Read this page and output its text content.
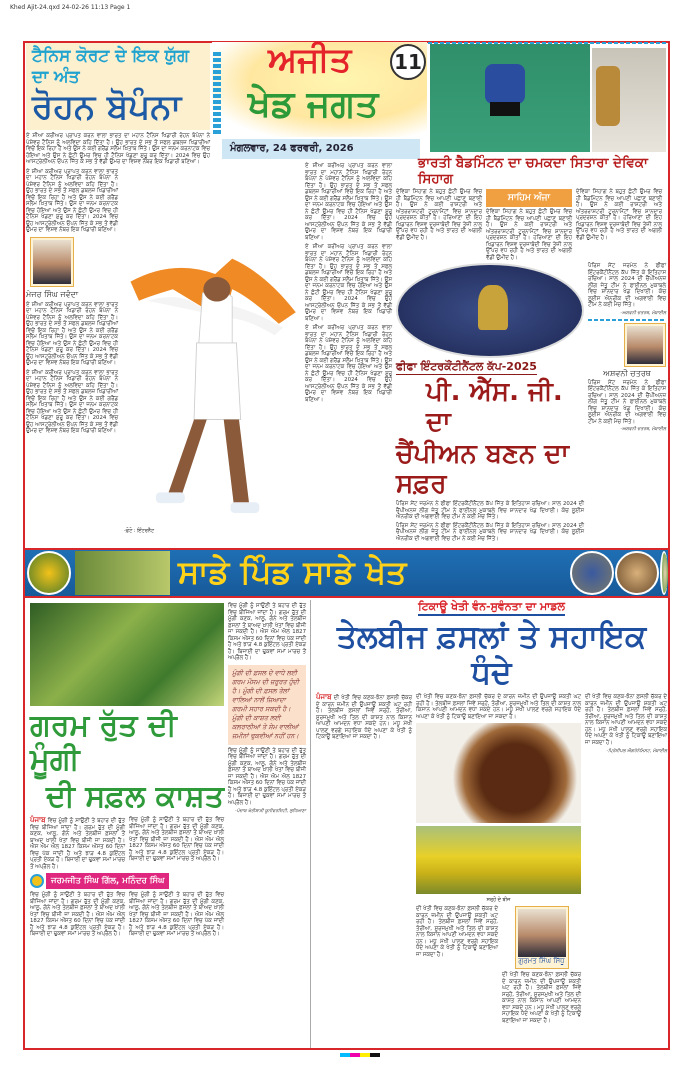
Khed Ajit-24.qxd 24-02-26 11:13 Page 1
ਅਜੀਤ
ਖੇਡ ਜਗਤ
11
ਮੰਗਲਵਾਰ, 24 ਫਰਵਰੀ, 2026
ਟੈਨਿਸ ਕੋਰਟ ਦੇ ਇਕ ਯੁੱਗ ਦਾ ਅੰਤ
ਰੋਹਨ ਬੋਪੰਨਾ
ਏ ਸ਼ੀਆ ਕਰੀਅਰ ਪ੍ਰਾਪਤ ਕਰਨ ਵਾਲਾ ਭਾਰਤ ਦਾ ਮਹਾਨ ਟੈਨਿਸ ਖਿਡਾਰੀ ਰੋਹਨ ਬੋਪੰਨਾ ਨੇ ਪੇਸ਼ੇਵਰ ਟੈਨਿਸ ਨੂੰ ਅਲਵਿਦਾ ਕਹਿ ਦਿੱਤਾ ਹੈ। ਉਹ ਭਾਰਤ ਦੇ ਸਭ ਤੋਂ ਸਫਲ ਡਬਲਜ਼ ਖਿਡਾਰੀਆਂ ਵਿਚੋਂ ਇਕ ਰਿਹਾ ਹੈ ਅਤੇ ਉਸ ਨੇ ਕਈ ਗਰੈਂਡ ਸਲੈਮ ਖ਼ਿਤਾਬ ਜਿੱਤੇ। ਉਸ ਦਾ ਜਨਮ ਕਰਨਾਟਕ ਵਿਚ ਹੋਇਆ ਅਤੇ ਉਸ ਨੇ ਛੋਟੀ ਉਮਰ ਵਿਚ ਹੀ ਟੈਨਿਸ ਖੇਡਣਾ ਸ਼ੁਰੂ ਕਰ ਦਿੱਤਾ। 2024 ਵਿਚ ਉਹ ਆਸਟ੍ਰੇਲੀਅਨ ਓਪਨ ਜਿੱਤ ਕੇ ਸਭ ਤੋਂ ਵੱਡੀ ਉਮਰ ਦਾ ਵਿਸ਼ਵ ਨੰਬਰ ਇਕ ਖਿਡਾਰੀ ਬਣਿਆ।
ਏ ਸ਼ੀਆ ਕਰੀਅਰ ਪ੍ਰਾਪਤ ਕਰਨ ਵਾਲਾ ਭਾਰਤ ਦਾ ਮਹਾਨ ਟੈਨਿਸ ਖਿਡਾਰੀ ਰੋਹਨ ਬੋਪੰਨਾ ਨੇ ਪੇਸ਼ੇਵਰ ਟੈਨਿਸ ਨੂੰ ਅਲਵਿਦਾ ਕਹਿ ਦਿੱਤਾ ਹੈ। ਉਹ ਭਾਰਤ ਦੇ ਸਭ ਤੋਂ ਸਫਲ ਡਬਲਜ਼ ਖਿਡਾਰੀਆਂ ਵਿਚੋਂ ਇਕ ਰਿਹਾ ਹੈ ਅਤੇ ਉਸ ਨੇ ਕਈ ਗਰੈਂਡ ਸਲੈਮ ਖ਼ਿਤਾਬ ਜਿੱਤੇ। ਉਸ ਦਾ ਜਨਮ ਕਰਨਾਟਕ ਵਿਚ ਹੋਇਆ ਅਤੇ ਉਸ ਨੇ ਛੋਟੀ ਉਮਰ ਵਿਚ ਹੀ ਟੈਨਿਸ ਖੇਡਣਾ ਸ਼ੁਰੂ ਕਰ ਦਿੱਤਾ। 2024 ਵਿਚ ਉਹ ਆਸਟ੍ਰੇਲੀਅਨ ਓਪਨ ਜਿੱਤ ਕੇ ਸਭ ਤੋਂ ਵੱਡੀ ਉਮਰ ਦਾ ਵਿਸ਼ਵ ਨੰਬਰ ਇਕ ਖਿਡਾਰੀ ਬਣਿਆ।
ਮੇਜਰ ਸਿੰਘ ਜਵੰਦਾ
ਏ ਸ਼ੀਆ ਕਰੀਅਰ ਪ੍ਰਾਪਤ ਕਰਨ ਵਾਲਾ ਭਾਰਤ ਦਾ ਮਹਾਨ ਟੈਨਿਸ ਖਿਡਾਰੀ ਰੋਹਨ ਬੋਪੰਨਾ ਨੇ ਪੇਸ਼ੇਵਰ ਟੈਨਿਸ ਨੂੰ ਅਲਵਿਦਾ ਕਹਿ ਦਿੱਤਾ ਹੈ। ਉਹ ਭਾਰਤ ਦੇ ਸਭ ਤੋਂ ਸਫਲ ਡਬਲਜ਼ ਖਿਡਾਰੀਆਂ ਵਿਚੋਂ ਇਕ ਰਿਹਾ ਹੈ ਅਤੇ ਉਸ ਨੇ ਕਈ ਗਰੈਂਡ ਸਲੈਮ ਖ਼ਿਤਾਬ ਜਿੱਤੇ। ਉਸ ਦਾ ਜਨਮ ਕਰਨਾਟਕ ਵਿਚ ਹੋਇਆ ਅਤੇ ਉਸ ਨੇ ਛੋਟੀ ਉਮਰ ਵਿਚ ਹੀ ਟੈਨਿਸ ਖੇਡਣਾ ਸ਼ੁਰੂ ਕਰ ਦਿੱਤਾ। 2024 ਵਿਚ ਉਹ ਆਸਟ੍ਰੇਲੀਅਨ ਓਪਨ ਜਿੱਤ ਕੇ ਸਭ ਤੋਂ ਵੱਡੀ ਉਮਰ ਦਾ ਵਿਸ਼ਵ ਨੰਬਰ ਇਕ ਖਿਡਾਰੀ ਬਣਿਆ।
ਏ ਸ਼ੀਆ ਕਰੀਅਰ ਪ੍ਰਾਪਤ ਕਰਨ ਵਾਲਾ ਭਾਰਤ ਦਾ ਮਹਾਨ ਟੈਨਿਸ ਖਿਡਾਰੀ ਰੋਹਨ ਬੋਪੰਨਾ ਨੇ ਪੇਸ਼ੇਵਰ ਟੈਨਿਸ ਨੂੰ ਅਲਵਿਦਾ ਕਹਿ ਦਿੱਤਾ ਹੈ। ਉਹ ਭਾਰਤ ਦੇ ਸਭ ਤੋਂ ਸਫਲ ਡਬਲਜ਼ ਖਿਡਾਰੀਆਂ ਵਿਚੋਂ ਇਕ ਰਿਹਾ ਹੈ ਅਤੇ ਉਸ ਨੇ ਕਈ ਗਰੈਂਡ ਸਲੈਮ ਖ਼ਿਤਾਬ ਜਿੱਤੇ। ਉਸ ਦਾ ਜਨਮ ਕਰਨਾਟਕ ਵਿਚ ਹੋਇਆ ਅਤੇ ਉਸ ਨੇ ਛੋਟੀ ਉਮਰ ਵਿਚ ਹੀ ਟੈਨਿਸ ਖੇਡਣਾ ਸ਼ੁਰੂ ਕਰ ਦਿੱਤਾ। 2024 ਵਿਚ ਉਹ ਆਸਟ੍ਰੇਲੀਅਨ ਓਪਨ ਜਿੱਤ ਕੇ ਸਭ ਤੋਂ ਵੱਡੀ ਉਮਰ ਦਾ ਵਿਸ਼ਵ ਨੰਬਰ ਇਕ ਖਿਡਾਰੀ ਬਣਿਆ।
-ਫ਼ੋਟੋ : ਇੰਟਰਨੈੱਟ
ਏ ਸ਼ੀਆ ਕਰੀਅਰ ਪ੍ਰਾਪਤ ਕਰਨ ਵਾਲਾ ਭਾਰਤ ਦਾ ਮਹਾਨ ਟੈਨਿਸ ਖਿਡਾਰੀ ਰੋਹਨ ਬੋਪੰਨਾ ਨੇ ਪੇਸ਼ੇਵਰ ਟੈਨਿਸ ਨੂੰ ਅਲਵਿਦਾ ਕਹਿ ਦਿੱਤਾ ਹੈ। ਉਹ ਭਾਰਤ ਦੇ ਸਭ ਤੋਂ ਸਫਲ ਡਬਲਜ਼ ਖਿਡਾਰੀਆਂ ਵਿਚੋਂ ਇਕ ਰਿਹਾ ਹੈ ਅਤੇ ਉਸ ਨੇ ਕਈ ਗਰੈਂਡ ਸਲੈਮ ਖ਼ਿਤਾਬ ਜਿੱਤੇ। ਉਸ ਦਾ ਜਨਮ ਕਰਨਾਟਕ ਵਿਚ ਹੋਇਆ ਅਤੇ ਉਸ ਨੇ ਛੋਟੀ ਉਮਰ ਵਿਚ ਹੀ ਟੈਨਿਸ ਖੇਡਣਾ ਸ਼ੁਰੂ ਕਰ ਦਿੱਤਾ। 2024 ਵਿਚ ਉਹ ਆਸਟ੍ਰੇਲੀਅਨ ਓਪਨ ਜਿੱਤ ਕੇ ਸਭ ਤੋਂ ਵੱਡੀ ਉਮਰ ਦਾ ਵਿਸ਼ਵ ਨੰਬਰ ਇਕ ਖਿਡਾਰੀ ਬਣਿਆ।
ਏ ਸ਼ੀਆ ਕਰੀਅਰ ਪ੍ਰਾਪਤ ਕਰਨ ਵਾਲਾ ਭਾਰਤ ਦਾ ਮਹਾਨ ਟੈਨਿਸ ਖਿਡਾਰੀ ਰੋਹਨ ਬੋਪੰਨਾ ਨੇ ਪੇਸ਼ੇਵਰ ਟੈਨਿਸ ਨੂੰ ਅਲਵਿਦਾ ਕਹਿ ਦਿੱਤਾ ਹੈ। ਉਹ ਭਾਰਤ ਦੇ ਸਭ ਤੋਂ ਸਫਲ ਡਬਲਜ਼ ਖਿਡਾਰੀਆਂ ਵਿਚੋਂ ਇਕ ਰਿਹਾ ਹੈ ਅਤੇ ਉਸ ਨੇ ਕਈ ਗਰੈਂਡ ਸਲੈਮ ਖ਼ਿਤਾਬ ਜਿੱਤੇ। ਉਸ ਦਾ ਜਨਮ ਕਰਨਾਟਕ ਵਿਚ ਹੋਇਆ ਅਤੇ ਉਸ ਨੇ ਛੋਟੀ ਉਮਰ ਵਿਚ ਹੀ ਟੈਨਿਸ ਖੇਡਣਾ ਸ਼ੁਰੂ ਕਰ ਦਿੱਤਾ। 2024 ਵਿਚ ਉਹ ਆਸਟ੍ਰੇਲੀਅਨ ਓਪਨ ਜਿੱਤ ਕੇ ਸਭ ਤੋਂ ਵੱਡੀ ਉਮਰ ਦਾ ਵਿਸ਼ਵ ਨੰਬਰ ਇਕ ਖਿਡਾਰੀ ਬਣਿਆ।
ਏ ਸ਼ੀਆ ਕਰੀਅਰ ਪ੍ਰਾਪਤ ਕਰਨ ਵਾਲਾ ਭਾਰਤ ਦਾ ਮਹਾਨ ਟੈਨਿਸ ਖਿਡਾਰੀ ਰੋਹਨ ਬੋਪੰਨਾ ਨੇ ਪੇਸ਼ੇਵਰ ਟੈਨਿਸ ਨੂੰ ਅਲਵਿਦਾ ਕਹਿ ਦਿੱਤਾ ਹੈ। ਉਹ ਭਾਰਤ ਦੇ ਸਭ ਤੋਂ ਸਫਲ ਡਬਲਜ਼ ਖਿਡਾਰੀਆਂ ਵਿਚੋਂ ਇਕ ਰਿਹਾ ਹੈ ਅਤੇ ਉਸ ਨੇ ਕਈ ਗਰੈਂਡ ਸਲੈਮ ਖ਼ਿਤਾਬ ਜਿੱਤੇ। ਉਸ ਦਾ ਜਨਮ ਕਰਨਾਟਕ ਵਿਚ ਹੋਇਆ ਅਤੇ ਉਸ ਨੇ ਛੋਟੀ ਉਮਰ ਵਿਚ ਹੀ ਟੈਨਿਸ ਖੇਡਣਾ ਸ਼ੁਰੂ ਕਰ ਦਿੱਤਾ। 2024 ਵਿਚ ਉਹ ਆਸਟ੍ਰੇਲੀਅਨ ਓਪਨ ਜਿੱਤ ਕੇ ਸਭ ਤੋਂ ਵੱਡੀ ਉਮਰ ਦਾ ਵਿਸ਼ਵ ਨੰਬਰ ਇਕ ਖਿਡਾਰੀ ਬਣਿਆ।
ਭਾਰਤੀ ਬੈਡਮਿੰਟਨ ਦਾ ਚਮਕਦਾ ਸਿਤਾਰਾ ਦੇਵਿਕਾ ਸਿਹਾਗ
ਦੇਵਿਕਾ ਸਿਹਾਗ ਨੇ ਬਹੁਤ ਛੋਟੀ ਉਮਰ ਵਿਚ ਹੀ ਬੈਡਮਿੰਟਨ ਵਿਚ ਆਪਣੀ ਪਛਾਣ ਬਣਾਈ ਹੈ। ਉਸ ਨੇ ਕਈ ਰਾਸ਼ਟਰੀ ਅਤੇ ਅੰਤਰਰਾਸ਼ਟਰੀ ਟੂਰਨਾਮੈਂਟਾਂ ਵਿਚ ਸ਼ਾਨਦਾਰ ਪ੍ਰਦਰਸ਼ਨ ਕੀਤਾ ਹੈ। ਹਰਿਆਣਾ ਦੀ ਇਹ ਖਿਡਾਰਨ ਵਿਸ਼ਵ ਦਰਜਾਬੰਦੀ ਵਿਚ ਤੇਜ਼ੀ ਨਾਲ ਉੱਪਰ ਵਧ ਰਹੀ ਹੈ ਅਤੇ ਭਾਰਤ ਦੀ ਅਗਲੀ ਵੱਡੀ ਉਮੀਦ ਹੈ।
ਸਾਹਿਮ ਅੰਜਾ
ਦੇਵਿਕਾ ਸਿਹਾਗ ਨੇ ਬਹੁਤ ਛੋਟੀ ਉਮਰ ਵਿਚ ਹੀ ਬੈਡਮਿੰਟਨ ਵਿਚ ਆਪਣੀ ਪਛਾਣ ਬਣਾਈ ਹੈ। ਉਸ ਨੇ ਕਈ ਰਾਸ਼ਟਰੀ ਅਤੇ ਅੰਤਰਰਾਸ਼ਟਰੀ ਟੂਰਨਾਮੈਂਟਾਂ ਵਿਚ ਸ਼ਾਨਦਾਰ ਪ੍ਰਦਰਸ਼ਨ ਕੀਤਾ ਹੈ। ਹਰਿਆਣਾ ਦੀ ਇਹ ਖਿਡਾਰਨ ਵਿਸ਼ਵ ਦਰਜਾਬੰਦੀ ਵਿਚ ਤੇਜ਼ੀ ਨਾਲ ਉੱਪਰ ਵਧ ਰਹੀ ਹੈ ਅਤੇ ਭਾਰਤ ਦੀ ਅਗਲੀ ਵੱਡੀ ਉਮੀਦ ਹੈ।
ਦੇਵਿਕਾ ਸਿਹਾਗ ਨੇ ਬਹੁਤ ਛੋਟੀ ਉਮਰ ਵਿਚ ਹੀ ਬੈਡਮਿੰਟਨ ਵਿਚ ਆਪਣੀ ਪਛਾਣ ਬਣਾਈ ਹੈ। ਉਸ ਨੇ ਕਈ ਰਾਸ਼ਟਰੀ ਅਤੇ ਅੰਤਰਰਾਸ਼ਟਰੀ ਟੂਰਨਾਮੈਂਟਾਂ ਵਿਚ ਸ਼ਾਨਦਾਰ ਪ੍ਰਦਰਸ਼ਨ ਕੀਤਾ ਹੈ। ਹਰਿਆਣਾ ਦੀ ਇਹ ਖਿਡਾਰਨ ਵਿਸ਼ਵ ਦਰਜਾਬੰਦੀ ਵਿਚ ਤੇਜ਼ੀ ਨਾਲ ਉੱਪਰ ਵਧ ਰਹੀ ਹੈ ਅਤੇ ਭਾਰਤ ਦੀ ਅਗਲੀ ਵੱਡੀ ਉਮੀਦ ਹੈ।
ਫੀਫਾ ਇੰਟਰਕੌਂਟੀਨੈਂਟਲ ਕੱਪ-2025
ਪੀ. ਐੱਸ. ਜੀ. ਦਾ
ਚੈਂਪੀਅਨ ਬਣਨ ਦਾ ਸਫ਼ਰ
ਪੈਰਿਸ ਸੇਂਟ ਜਰਮੇਨ ਨੇ ਫੀਫਾ ਇੰਟਰਕੌਂਟੀਨੈਂਟਲ ਕੱਪ ਜਿੱਤ ਕੇ ਇਤਿਹਾਸ ਰਚਿਆ। ਸਾਲ 2024 ਦੀ ਚੈਂਪੀਅਨਜ਼ ਲੀਗ ਜੇਤੂ ਟੀਮ ਨੇ ਫਾਈਨਲ ਮੁਕਾਬਲੇ ਵਿਚ ਸ਼ਾਨਦਾਰ ਖੇਡ ਦਿਖਾਈ। ਕੋਚ ਲੂਈਸ ਐਨਰੀਕ ਦੀ ਅਗਵਾਈ ਵਿਚ ਟੀਮ ਨੇ ਕਈ ਮੈਚ ਜਿੱਤੇ।
ਪੈਰਿਸ ਸੇਂਟ ਜਰਮੇਨ ਨੇ ਫੀਫਾ ਇੰਟਰਕੌਂਟੀਨੈਂਟਲ ਕੱਪ ਜਿੱਤ ਕੇ ਇਤਿਹਾਸ ਰਚਿਆ। ਸਾਲ 2024 ਦੀ ਚੈਂਪੀਅਨਜ਼ ਲੀਗ ਜੇਤੂ ਟੀਮ ਨੇ ਫਾਈਨਲ ਮੁਕਾਬਲੇ ਵਿਚ ਸ਼ਾਨਦਾਰ ਖੇਡ ਦਿਖਾਈ। ਕੋਚ ਲੂਈਸ ਐਨਰੀਕ ਦੀ ਅਗਵਾਈ ਵਿਚ ਟੀਮ ਨੇ ਕਈ ਮੈਚ ਜਿੱਤੇ।
ਪੈਰਿਸ ਸੇਂਟ ਜਰਮੇਨ ਨੇ ਫੀਫਾ ਇੰਟਰਕੌਂਟੀਨੈਂਟਲ ਕੱਪ ਜਿੱਤ ਕੇ ਇਤਿਹਾਸ ਰਚਿਆ। ਸਾਲ 2024 ਦੀ ਚੈਂਪੀਅਨਜ਼ ਲੀਗ ਜੇਤੂ ਟੀਮ ਨੇ ਫਾਈਨਲ ਮੁਕਾਬਲੇ ਵਿਚ ਸ਼ਾਨਦਾਰ ਖੇਡ ਦਿਖਾਈ। ਕੋਚ ਲੂਈਸ ਐਨਰੀਕ ਦੀ ਅਗਵਾਈ ਵਿਚ ਟੀਮ ਨੇ ਕਈ ਮੈਚ ਜਿੱਤੇ।
-ਅਸ਼ਵਨੀ ਚਤਰਥ, ਮੋਬਾਈਲ
ਅਸ਼ਵਨੀ ਚਤਰਥ
ਪੈਰਿਸ ਸੇਂਟ ਜਰਮੇਨ ਨੇ ਫੀਫਾ ਇੰਟਰਕੌਂਟੀਨੈਂਟਲ ਕੱਪ ਜਿੱਤ ਕੇ ਇਤਿਹਾਸ ਰਚਿਆ। ਸਾਲ 2024 ਦੀ ਚੈਂਪੀਅਨਜ਼ ਲੀਗ ਜੇਤੂ ਟੀਮ ਨੇ ਫਾਈਨਲ ਮੁਕਾਬਲੇ ਵਿਚ ਸ਼ਾਨਦਾਰ ਖੇਡ ਦਿਖਾਈ। ਕੋਚ ਲੂਈਸ ਐਨਰੀਕ ਦੀ ਅਗਵਾਈ ਵਿਚ ਟੀਮ ਨੇ ਕਈ ਮੈਚ ਜਿੱਤੇ।
-ਅਸ਼ਵਨੀ ਚਤਰਥ, ਮੋਬਾਈਲ
ਸਾਡੇ ਪਿੰਡ ਸਾਡੇ ਖੇਤ
ਗਰਮ ਰੁੱਤ ਦੀ ਮੂੰਗੀ
ਦੀ ਸਫ਼ਲ ਕਾਸ਼ਤ
ਪੰਜਾਬ ਵਿਚ ਮੂੰਗੀ ਨੂੰ ਸਾਉਣੀ ਤੇ ਬਹਾਰ ਦੀ ਰੁੱਤ ਵਿਚ ਬੀਜਿਆ ਜਾਂਦਾ ਹੈ। ਗਰਮ ਰੁੱਤ ਦੀ ਮੂੰਗੀ ਕਣਕ, ਆਲੂ, ਗੰਨੇ ਅਤੇ ਤੇਲਬੀਜ ਫ਼ਸਲਾਂ ਤੋਂ ਬਾਅਦ ਖ਼ਾਲੀ ਖੇਤਾਂ ਵਿਚ ਬੀਜੀ ਜਾ ਸਕਦੀ ਹੈ। ਐਸ ਐਮ ਐਲ 1827 ਕਿਸਮ ਔਸਤ 60 ਦਿਨਾਂ ਵਿਚ ਪੱਕ ਜਾਂਦੀ ਹੈ ਅਤੇ ਝਾੜ 4.8 ਕੁਇੰਟਲ ਪ੍ਰਤੀ ਏਕੜ ਹੈ। ਬਿਜਾਈ ਦਾ ਢੁਕਵਾਂ ਸਮਾਂ ਮਾਰਚ ਤੋਂ ਅਪ੍ਰੈਲ ਹੈ।
ਵਿਚ ਮੂੰਗੀ ਨੂੰ ਸਾਉਣੀ ਤੇ ਬਹਾਰ ਦੀ ਰੁੱਤ ਵਿਚ ਬੀਜਿਆ ਜਾਂਦਾ ਹੈ। ਗਰਮ ਰੁੱਤ ਦੀ ਮੂੰਗੀ ਕਣਕ, ਆਲੂ, ਗੰਨੇ ਅਤੇ ਤੇਲਬੀਜ ਫ਼ਸਲਾਂ ਤੋਂ ਬਾਅਦ ਖ਼ਾਲੀ ਖੇਤਾਂ ਵਿਚ ਬੀਜੀ ਜਾ ਸਕਦੀ ਹੈ। ਐਸ ਐਮ ਐਲ 1827 ਕਿਸਮ ਔਸਤ 60 ਦਿਨਾਂ ਵਿਚ ਪੱਕ ਜਾਂਦੀ ਹੈ ਅਤੇ ਝਾੜ 4.8 ਕੁਇੰਟਲ ਪ੍ਰਤੀ ਏਕੜ ਹੈ। ਬਿਜਾਈ ਦਾ ਢੁਕਵਾਂ ਸਮਾਂ ਮਾਰਚ ਤੋਂ ਅਪ੍ਰੈਲ ਹੈ।
ਜਰਮਜੀਤ ਸਿੰਘ ਗਿੱਲ, ਮਨਿੰਦਰ ਸਿੰਘ
ਵਿਚ ਮੂੰਗੀ ਨੂੰ ਸਾਉਣੀ ਤੇ ਬਹਾਰ ਦੀ ਰੁੱਤ ਵਿਚ ਬੀਜਿਆ ਜਾਂਦਾ ਹੈ। ਗਰਮ ਰੁੱਤ ਦੀ ਮੂੰਗੀ ਕਣਕ, ਆਲੂ, ਗੰਨੇ ਅਤੇ ਤੇਲਬੀਜ ਫ਼ਸਲਾਂ ਤੋਂ ਬਾਅਦ ਖ਼ਾਲੀ ਖੇਤਾਂ ਵਿਚ ਬੀਜੀ ਜਾ ਸਕਦੀ ਹੈ। ਐਸ ਐਮ ਐਲ 1827 ਕਿਸਮ ਔਸਤ 60 ਦਿਨਾਂ ਵਿਚ ਪੱਕ ਜਾਂਦੀ ਹੈ ਅਤੇ ਝਾੜ 4.8 ਕੁਇੰਟਲ ਪ੍ਰਤੀ ਏਕੜ ਹੈ। ਬਿਜਾਈ ਦਾ ਢੁਕਵਾਂ ਸਮਾਂ ਮਾਰਚ ਤੋਂ ਅਪ੍ਰੈਲ ਹੈ।
ਵਿਚ ਮੂੰਗੀ ਨੂੰ ਸਾਉਣੀ ਤੇ ਬਹਾਰ ਦੀ ਰੁੱਤ ਵਿਚ ਬੀਜਿਆ ਜਾਂਦਾ ਹੈ। ਗਰਮ ਰੁੱਤ ਦੀ ਮੂੰਗੀ ਕਣਕ, ਆਲੂ, ਗੰਨੇ ਅਤੇ ਤੇਲਬੀਜ ਫ਼ਸਲਾਂ ਤੋਂ ਬਾਅਦ ਖ਼ਾਲੀ ਖੇਤਾਂ ਵਿਚ ਬੀਜੀ ਜਾ ਸਕਦੀ ਹੈ। ਐਸ ਐਮ ਐਲ 1827 ਕਿਸਮ ਔਸਤ 60 ਦਿਨਾਂ ਵਿਚ ਪੱਕ ਜਾਂਦੀ ਹੈ ਅਤੇ ਝਾੜ 4.8 ਕੁਇੰਟਲ ਪ੍ਰਤੀ ਏਕੜ ਹੈ। ਬਿਜਾਈ ਦਾ ਢੁਕਵਾਂ ਸਮਾਂ ਮਾਰਚ ਤੋਂ ਅਪ੍ਰੈਲ ਹੈ।
ਵਿਚ ਮੂੰਗੀ ਨੂੰ ਸਾਉਣੀ ਤੇ ਬਹਾਰ ਦੀ ਰੁੱਤ ਵਿਚ ਬੀਜਿਆ ਜਾਂਦਾ ਹੈ। ਗਰਮ ਰੁੱਤ ਦੀ ਮੂੰਗੀ ਕਣਕ, ਆਲੂ, ਗੰਨੇ ਅਤੇ ਤੇਲਬੀਜ ਫ਼ਸਲਾਂ ਤੋਂ ਬਾਅਦ ਖ਼ਾਲੀ ਖੇਤਾਂ ਵਿਚ ਬੀਜੀ ਜਾ ਸਕਦੀ ਹੈ। ਐਸ ਐਮ ਐਲ 1827 ਕਿਸਮ ਔਸਤ 60 ਦਿਨਾਂ ਵਿਚ ਪੱਕ ਜਾਂਦੀ ਹੈ ਅਤੇ ਝਾੜ 4.8 ਕੁਇੰਟਲ ਪ੍ਰਤੀ ਏਕੜ ਹੈ। ਬਿਜਾਈ ਦਾ ਢੁਕਵਾਂ ਸਮਾਂ ਮਾਰਚ ਤੋਂ ਅਪ੍ਰੈਲ ਹੈ।
ਮੂੰਗੀ ਦੀ ਫ਼ਸਲ ਦੇ ਵਾਧੇ ਲਈ ਗਰਮ ਮੌਸਮ ਦੀ ਜ਼ਰੂਰਤ ਹੁੰਦੀ ਹੈ। ਮੂੰਗੀ ਦੀ ਫ਼ਸਲ ਤੇਲਾਂ ਵਾਲਿਆਂ ਨਾਲੋਂ ਜ਼ਿਆਦਾ ਗਰਮੀ ਸਹਾਰ ਸਕਦੀ ਹੈ। ਮੂੰਗੀ ਦੀ ਕਾਸ਼ਤ ਲਈ ਕਲਰਾਠੀਆਂ ਤੇ ਸੇਮ ਵਾਲੀਆਂ ਜ਼ਮੀਨਾਂ ਢੁਕਵੀਆਂ ਨਹੀਂ ਹਨ।
ਵਿਚ ਮੂੰਗੀ ਨੂੰ ਸਾਉਣੀ ਤੇ ਬਹਾਰ ਦੀ ਰੁੱਤ ਵਿਚ ਬੀਜਿਆ ਜਾਂਦਾ ਹੈ। ਗਰਮ ਰੁੱਤ ਦੀ ਮੂੰਗੀ ਕਣਕ, ਆਲੂ, ਗੰਨੇ ਅਤੇ ਤੇਲਬੀਜ ਫ਼ਸਲਾਂ ਤੋਂ ਬਾਅਦ ਖ਼ਾਲੀ ਖੇਤਾਂ ਵਿਚ ਬੀਜੀ ਜਾ ਸਕਦੀ ਹੈ। ਐਸ ਐਮ ਐਲ 1827 ਕਿਸਮ ਔਸਤ 60 ਦਿਨਾਂ ਵਿਚ ਪੱਕ ਜਾਂਦੀ ਹੈ ਅਤੇ ਝਾੜ 4.8 ਕੁਇੰਟਲ ਪ੍ਰਤੀ ਏਕੜ ਹੈ। ਬਿਜਾਈ ਦਾ ਢੁਕਵਾਂ ਸਮਾਂ ਮਾਰਚ ਤੋਂ ਅਪ੍ਰੈਲ ਹੈ।
-ਪੰਜਾਬ ਖੇਤੀਬਾੜੀ ਯੂਨੀਵਰਸਿਟੀ, ਲੁਧਿਆਣਾ
ਟਿਕਾਊ ਖੇਤੀ ਵੰਨ-ਸੁਵੰਨਤਾ ਦਾ ਮਾਡਲ
ਤੇਲਬੀਜ ਫ਼ਸਲਾਂ ਤੇ ਸਹਾਇਕ ਧੰਦੇ
ਪੰਜਾਬ ਦੀ ਖੇਤੀ ਵਿਚ ਕਣਕ-ਝੋਨਾ ਫ਼ਸਲੀ ਚੱਕਰ ਦੇ ਕਾਰਨ ਜ਼ਮੀਨ ਦੀ ਉਪਜਾਊ ਸ਼ਕਤੀ ਘਟ ਰਹੀ ਹੈ। ਤੇਲਬੀਜ ਫ਼ਸਲਾਂ ਜਿਵੇਂ ਸਰ੍ਹੋਂ, ਤੋਰੀਆ, ਸੂਰਜਮੁਖੀ ਅਤੇ ਤਿਲ ਦੀ ਕਾਸ਼ਤ ਨਾਲ ਕਿਸਾਨ ਆਪਣੀ ਆਮਦਨ ਵਧਾ ਸਕਦੇ ਹਨ। ਮਧੂ ਮੱਖੀ ਪਾਲਣ ਵਰਗੇ ਸਹਾਇਕ ਧੰਦੇ ਅਪਣਾ ਕੇ ਖੇਤੀ ਨੂੰ ਟਿਕਾਊ ਬਣਾਇਆ ਜਾ ਸਕਦਾ ਹੈ।
ਦੀ ਖੇਤੀ ਵਿਚ ਕਣਕ-ਝੋਨਾ ਫ਼ਸਲੀ ਚੱਕਰ ਦੇ ਕਾਰਨ ਜ਼ਮੀਨ ਦੀ ਉਪਜਾਊ ਸ਼ਕਤੀ ਘਟ ਰਹੀ ਹੈ। ਤੇਲਬੀਜ ਫ਼ਸਲਾਂ ਜਿਵੇਂ ਸਰ੍ਹੋਂ, ਤੋਰੀਆ, ਸੂਰਜਮੁਖੀ ਅਤੇ ਤਿਲ ਦੀ ਕਾਸ਼ਤ ਨਾਲ ਕਿਸਾਨ ਆਪਣੀ ਆਮਦਨ ਵਧਾ ਸਕਦੇ ਹਨ। ਮਧੂ ਮੱਖੀ ਪਾਲਣ ਵਰਗੇ ਸਹਾਇਕ ਧੰਦੇ ਅਪਣਾ ਕੇ ਖੇਤੀ ਨੂੰ ਟਿਕਾਊ ਬਣਾਇਆ ਜਾ ਸਕਦਾ ਹੈ।
ਸਰ੍ਹੋਂ ਦੇ ਬੀਜ
ਦੀ ਖੇਤੀ ਵਿਚ ਕਣਕ-ਝੋਨਾ ਫ਼ਸਲੀ ਚੱਕਰ ਦੇ ਕਾਰਨ ਜ਼ਮੀਨ ਦੀ ਉਪਜਾਊ ਸ਼ਕਤੀ ਘਟ ਰਹੀ ਹੈ। ਤੇਲਬੀਜ ਫ਼ਸਲਾਂ ਜਿਵੇਂ ਸਰ੍ਹੋਂ, ਤੋਰੀਆ, ਸੂਰਜਮੁਖੀ ਅਤੇ ਤਿਲ ਦੀ ਕਾਸ਼ਤ ਨਾਲ ਕਿਸਾਨ ਆਪਣੀ ਆਮਦਨ ਵਧਾ ਸਕਦੇ ਹਨ। ਮਧੂ ਮੱਖੀ ਪਾਲਣ ਵਰਗੇ ਸਹਾਇਕ ਧੰਦੇ ਅਪਣਾ ਕੇ ਖੇਤੀ ਨੂੰ ਟਿਕਾਊ ਬਣਾਇਆ ਜਾ ਸਕਦਾ ਹੈ।
ਗੁਰਮਤ ਸਿੰਘ ਸਿੱਧੂ
ਦੀ ਖੇਤੀ ਵਿਚ ਕਣਕ-ਝੋਨਾ ਫ਼ਸਲੀ ਚੱਕਰ ਦੇ ਕਾਰਨ ਜ਼ਮੀਨ ਦੀ ਉਪਜਾਊ ਸ਼ਕਤੀ ਘਟ ਰਹੀ ਹੈ। ਤੇਲਬੀਜ ਫ਼ਸਲਾਂ ਜਿਵੇਂ ਸਰ੍ਹੋਂ, ਤੋਰੀਆ, ਸੂਰਜਮੁਖੀ ਅਤੇ ਤਿਲ ਦੀ ਕਾਸ਼ਤ ਨਾਲ ਕਿਸਾਨ ਆਪਣੀ ਆਮਦਨ ਵਧਾ ਸਕਦੇ ਹਨ। ਮਧੂ ਮੱਖੀ ਪਾਲਣ ਵਰਗੇ ਸਹਾਇਕ ਧੰਦੇ ਅਪਣਾ ਕੇ ਖੇਤੀ ਨੂੰ ਟਿਕਾਊ ਬਣਾਇਆ ਜਾ ਸਕਦਾ ਹੈ।
ਦੀ ਖੇਤੀ ਵਿਚ ਕਣਕ-ਝੋਨਾ ਫ਼ਸਲੀ ਚੱਕਰ ਦੇ ਕਾਰਨ ਜ਼ਮੀਨ ਦੀ ਉਪਜਾਊ ਸ਼ਕਤੀ ਘਟ ਰਹੀ ਹੈ। ਤੇਲਬੀਜ ਫ਼ਸਲਾਂ ਜਿਵੇਂ ਸਰ੍ਹੋਂ, ਤੋਰੀਆ, ਸੂਰਜਮੁਖੀ ਅਤੇ ਤਿਲ ਦੀ ਕਾਸ਼ਤ ਨਾਲ ਕਿਸਾਨ ਆਪਣੀ ਆਮਦਨ ਵਧਾ ਸਕਦੇ ਹਨ। ਮਧੂ ਮੱਖੀ ਪਾਲਣ ਵਰਗੇ ਸਹਾਇਕ ਧੰਦੇ ਅਪਣਾ ਕੇ ਖੇਤੀ ਨੂੰ ਟਿਕਾਊ ਬਣਾਇਆ ਜਾ ਸਕਦਾ ਹੈ।
-ਪ੍ਰਿੰਸੀਪਲ ਐਗਰੋਨੋਮਿਸਟ, ਮੋਬਾਈਲ
